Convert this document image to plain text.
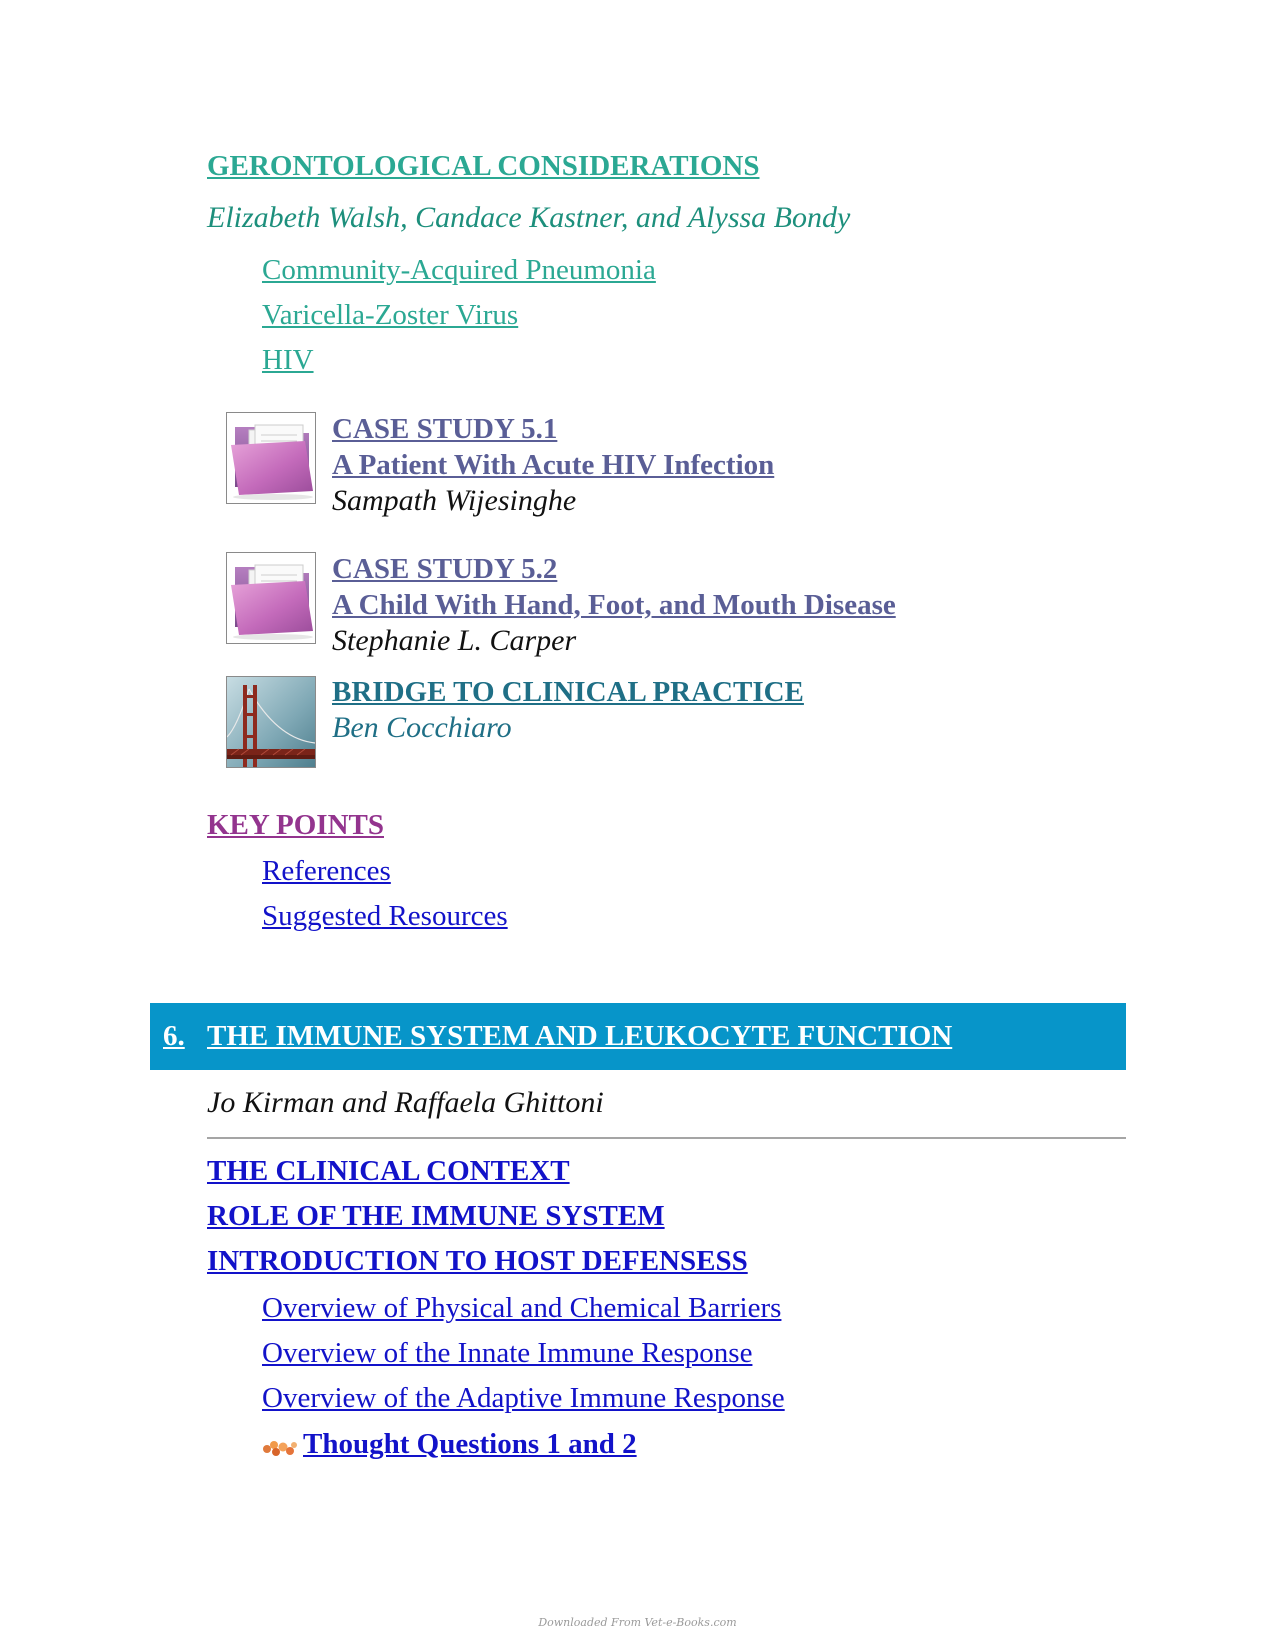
GERONTOLOGICAL CONSIDERATIONS
Elizabeth Walsh, Candace Kastner, and Alyssa Bondy
Community-Acquired Pneumonia
Varicella-Zoster Virus
HIV
CASE STUDY 5.1
A Patient With Acute HIV Infection
Sampath Wijesinghe
CASE STUDY 5.2
A Child With Hand, Foot, and Mouth Disease
Stephanie L. Carper
BRIDGE TO CLINICAL PRACTICE
Ben Cocchiaro
KEY POINTS
References
Suggested Resources
6. THE IMMUNE SYSTEM AND LEUKOCYTE FUNCTION
Jo Kirman and Raffaela Ghittoni
THE CLINICAL CONTEXT
ROLE OF THE IMMUNE SYSTEM
INTRODUCTION TO HOST DEFENSESS
Overview of Physical and Chemical Barriers
Overview of the Innate Immune Response
Overview of the Adaptive Immune Response
Thought Questions 1 and 2
Downloaded From Vet-e-Books.com
